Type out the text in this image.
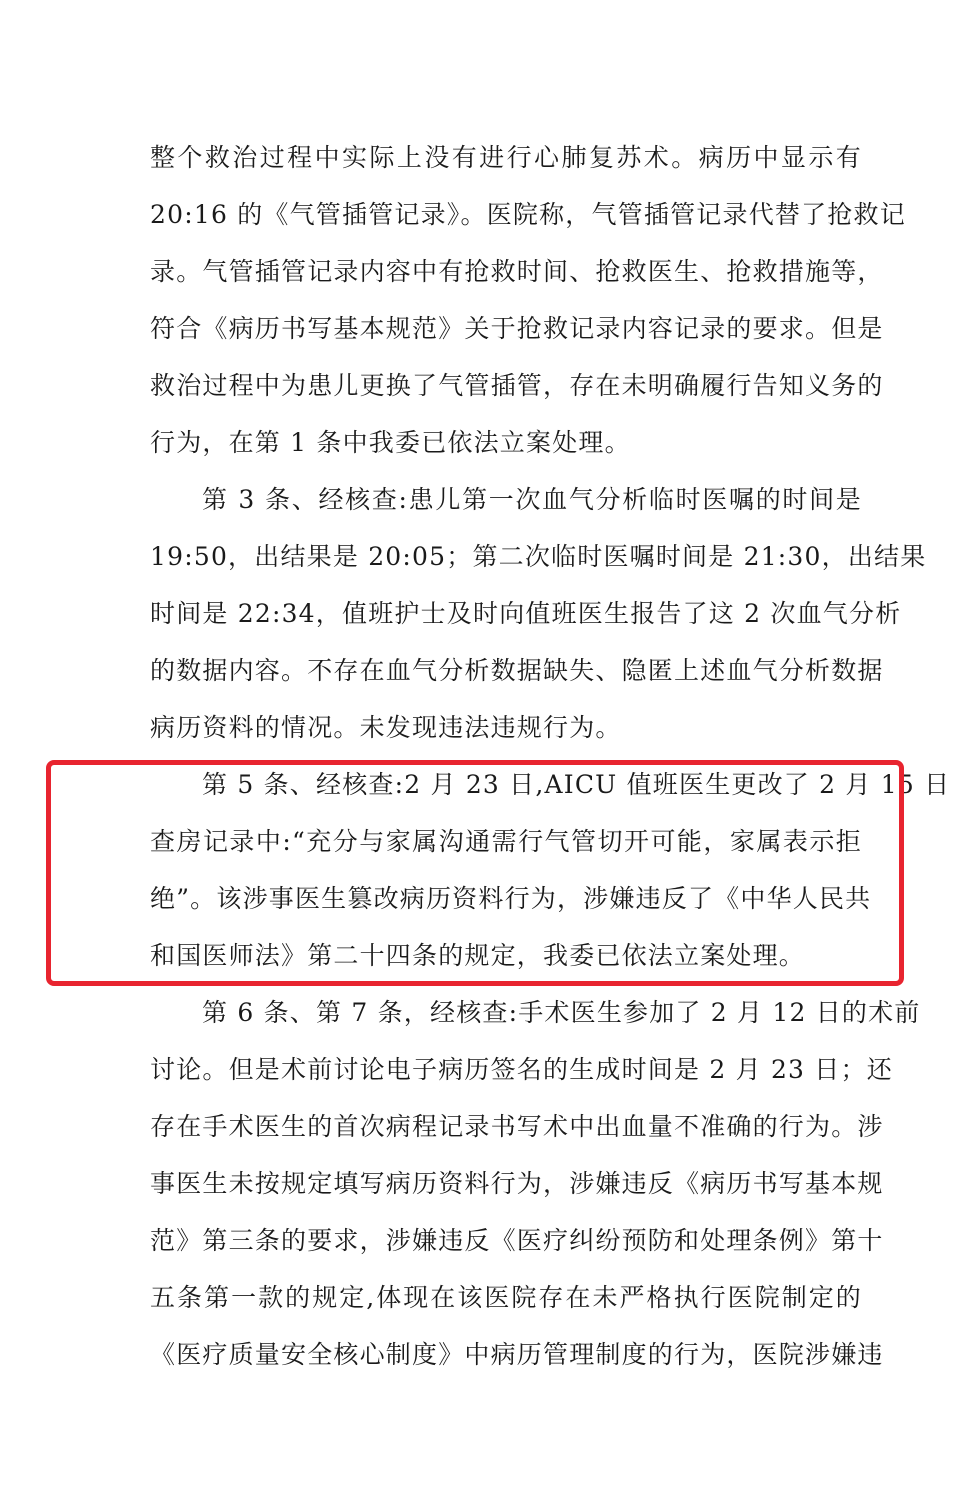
整个救治过程中实际上没有进行心肺复苏术。病历中显示有
20:16 的《气管插管记录》。医院称，气管插管记录代替了抢救记
录。气管插管记录内容中有抢救时间、抢救医生、抢救措施等，
符合《病历书写基本规范》关于抢救记录内容记录的要求。但是
救治过程中为患儿更换了气管插管，存在未明确履行告知义务的
行为，在第 1 条中我委已依法立案处理。
第 3 条、经核查:患儿第一次血气分析临时医嘱的时间是
19:50，出结果是 20:05；第二次临时医嘱时间是 21:30，出结果
时间是 22:34，值班护士及时向值班医生报告了这 2 次血气分析
的数据内容。不存在血气分析数据缺失、隐匿上述血气分析数据
病历资料的情况。未发现违法违规行为。
第 5 条、经核查:2 月 23 日,AICU 值班医生更改了 2 月 15 日
查房记录中:“充分与家属沟通需行气管切开可能，家属表示拒
绝”。该涉事医生篡改病历资料行为，涉嫌违反了《中华人民共
和国医师法》第二十四条的规定，我委已依法立案处理。
第 6 条、第 7 条，经核查:手术医生参加了 2 月 12 日的术前
讨论。但是术前讨论电子病历签名的生成时间是 2 月 23 日；还
存在手术医生的首次病程记录书写术中出血量不准确的行为。涉
事医生未按规定填写病历资料行为，涉嫌违反《病历书写基本规
范》第三条的要求，涉嫌违反《医疗纠纷预防和处理条例》第十
五条第一款的规定,体现在该医院存在未严格执行医院制定的
《医疗质量安全核心制度》中病历管理制度的行为，医院涉嫌违
